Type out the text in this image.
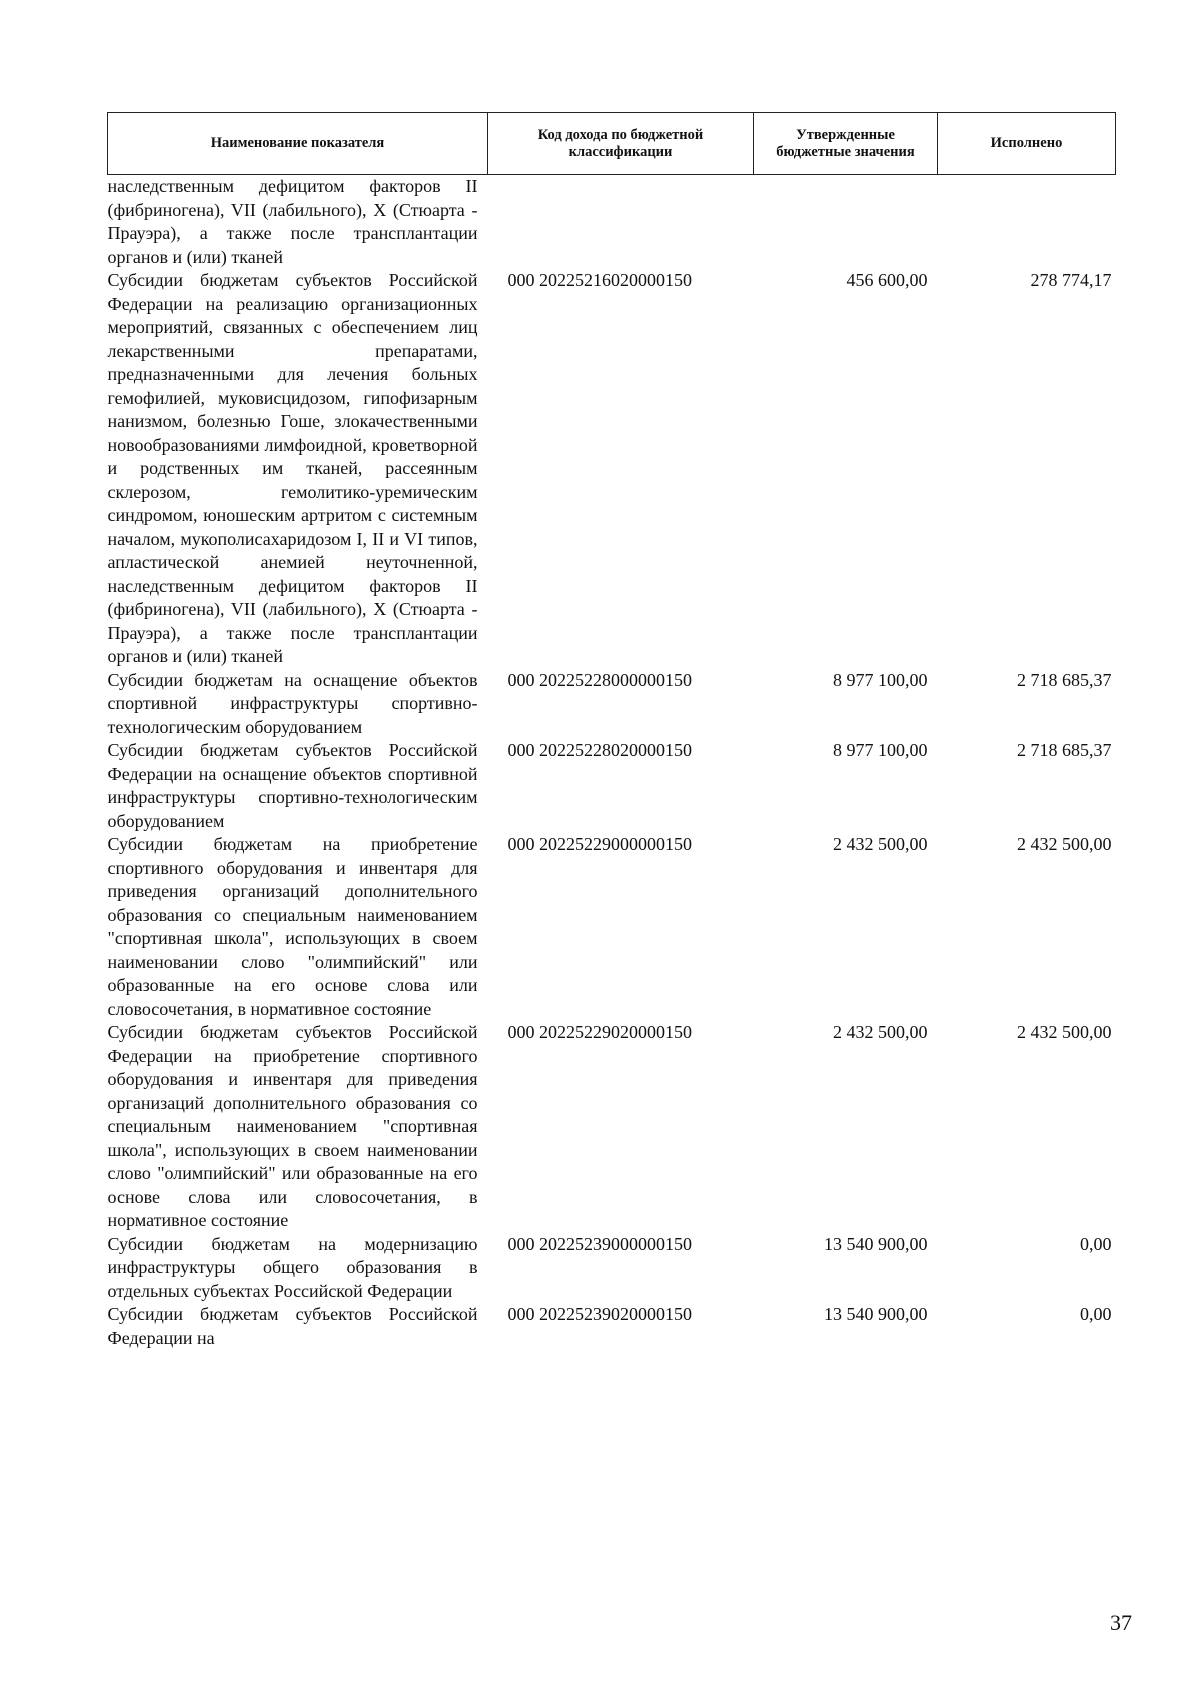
Наименование показателя	Код дохода по бюджетной классификации	Утвержденные бюджетные значения	Исполнено
наследственным дефицитом факторов II (фибриногена), VII (лабильного), X (Стюарта - Прауэра), а также после трансплантации органов и (или) тканей			
Субсидии бюджетам субъектов Российской Федерации на реализацию организационных мероприятий, связанных с обеспечением лиц лекарственными препаратами, предназначенными для лечения больных гемофилией, муковисцидозом, гипофизарным нанизмом, болезнью Гоше, злокачественными новообразованиями лимфоидной, кроветворной и родственных им тканей, рассеянным склерозом, гемолитико-уремическим синдромом, юношеским артритом с системным началом, мукополисахаридозом I, II и VI типов, апластической анемией неуточненной, наследственным дефицитом факторов II (фибриногена), VII (лабильного), X (Стюарта - Прауэра), а также после трансплантации органов и (или) тканей	000 20225216020000150	456 600,00	278 774,17
Субсидии бюджетам на оснащение объектов спортивной инфраструктуры спортивно-технологическим оборудованием	000 20225228000000150	8 977 100,00	2 718 685,37
Субсидии бюджетам субъектов Российской Федерации на оснащение объектов спортивной инфраструктуры спортивно-технологическим оборудованием	000 20225228020000150	8 977 100,00	2 718 685,37
Субсидии бюджетам на приобретение спортивного оборудования и инвентаря для приведения организаций дополнительного образования со специальным наименованием "спортивная школа", использующих в своем наименовании слово "олимпийский" или образованные на его основе слова или словосочетания, в нормативное состояние	000 20225229000000150	2 432 500,00	2 432 500,00
Субсидии бюджетам субъектов Российской Федерации на приобретение спортивного оборудования и инвентаря для приведения организаций дополнительного образования со специальным наименованием "спортивная школа", использующих в своем наименовании слово "олимпийский" или образованные на его основе слова или словосочетания, в нормативное состояние	000 20225229020000150	2 432 500,00	2 432 500,00
Субсидии бюджетам на модернизацию инфраструктуры общего образования в отдельных субъектах Российской Федерации	000 20225239000000150	13 540 900,00	0,00
Субсидии бюджетам субъектов Российской Федерации на	000 20225239020000150	13 540 900,00	0,00
37
